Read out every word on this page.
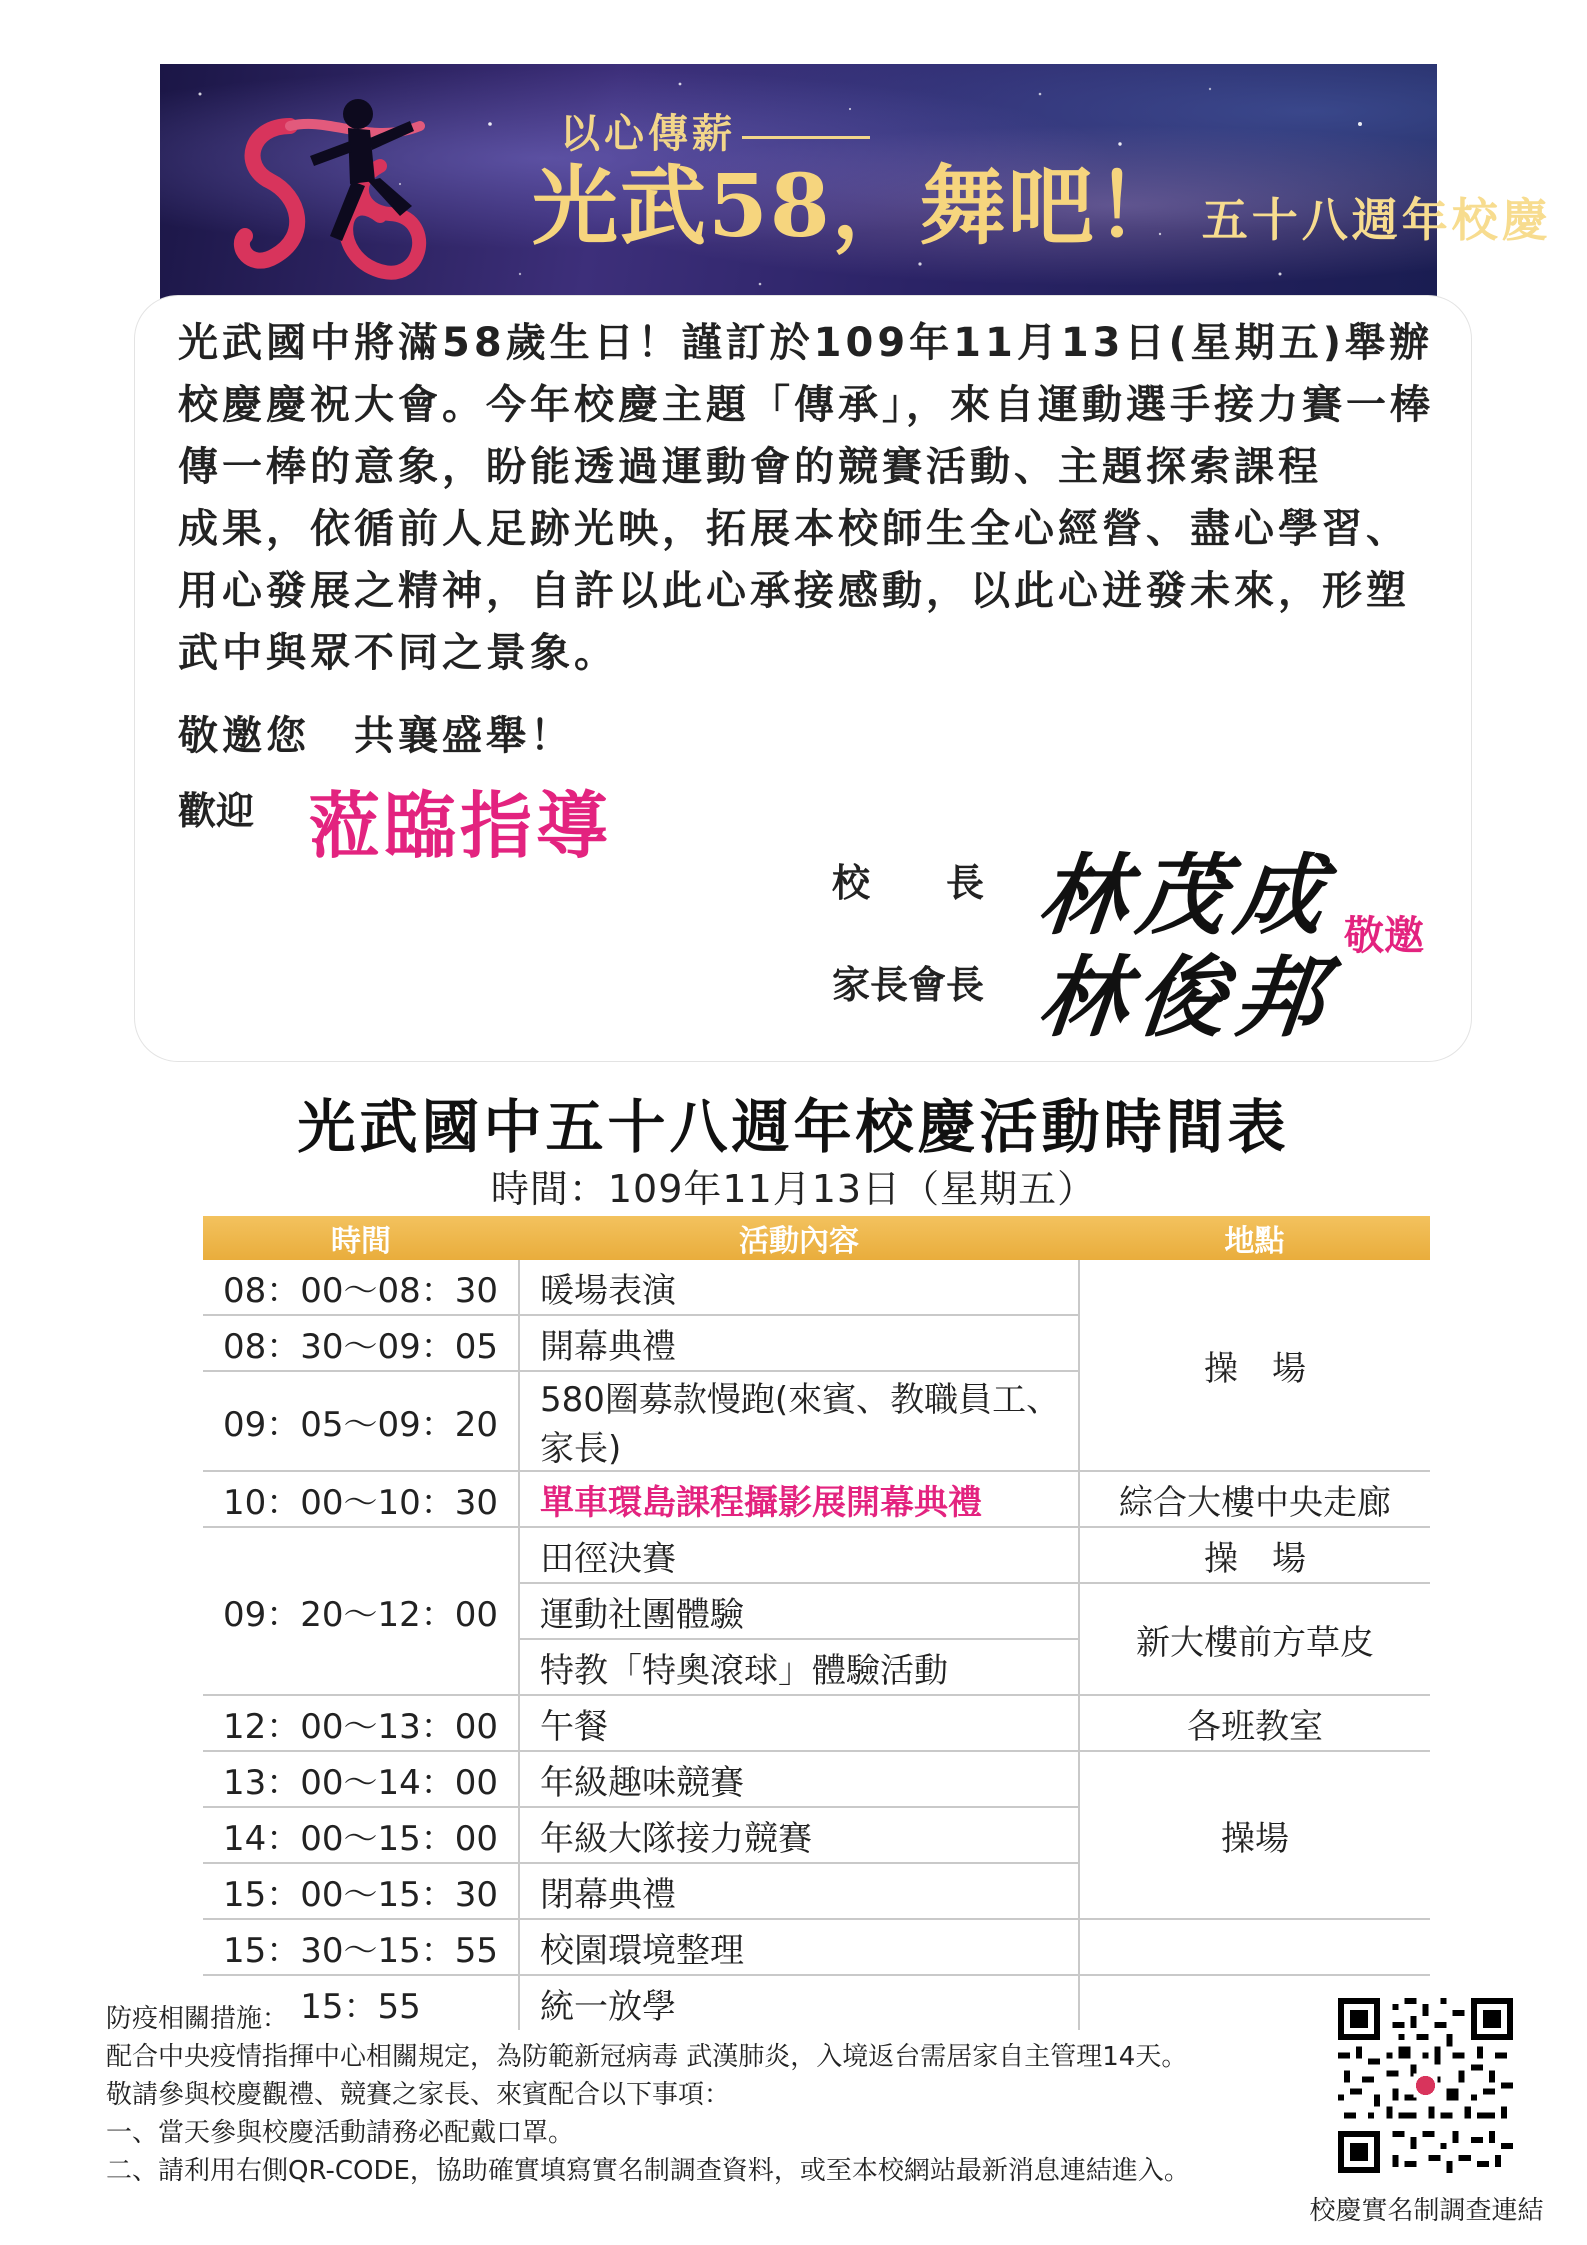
以心傳薪
光武58，舞吧！ 五十八週年校慶
光武國中將滿58歲生日！謹訂於109年11月13日(星期五)舉辦
校慶慶祝大會。今年校慶主題「傳承」，來自運動選手接力賽一棒
傳一棒的意象，盼能透過運動會的競賽活動、主題探索課程
成果，依循前人足跡光映，拓展本校師生全心經營、盡心學習、
用心發展之精神，自許以此心承接感動，以此心迸發未來，形塑
武中與眾不同之景象。
敬邀您　共襄盛舉！
歡迎 蒞臨指導
校　　長 林茂成
家長會長 林俊邦
敬邀
光武國中五十八週年校慶活動時間表
時間：109年11月13日（星期五）
時間	活動內容	地點
08：00～08：30	暖場表演	操　場
08：30～09：05	開幕典禮	
09：05～09：20	580圈募款慢跑(來賓、教職員工、家長)	
10：00～10：30	單車環島課程攝影展開幕典禮	綜合大樓中央走廊
09：20～12：00	田徑決賽	操　場
	運動社團體驗	新大樓前方草皮
	特教「特奧滾球」體驗活動	
12：00～13：00	午餐	各班教室
13：00～14：00	年級趣味競賽	操場
14：00～15：00	年級大隊接力競賽	
15：00～15：30	閉幕典禮	
15：30～15：55	校園環境整理	
15：55	統一放學	
防疫相關措施：
配合中央疫情指揮中心相關規定，為防範新冠病毒 武漢肺炎，入境返台需居家自主管理14天。
敬請參與校慶觀禮、競賽之家長、來賓配合以下事項：
一、當天參與校慶活動請務必配戴口罩。
二、請利用右側QR-CODE，協助確實填寫實名制調查資料，或至本校網站最新消息連結進入。
校慶實名制調查連結
